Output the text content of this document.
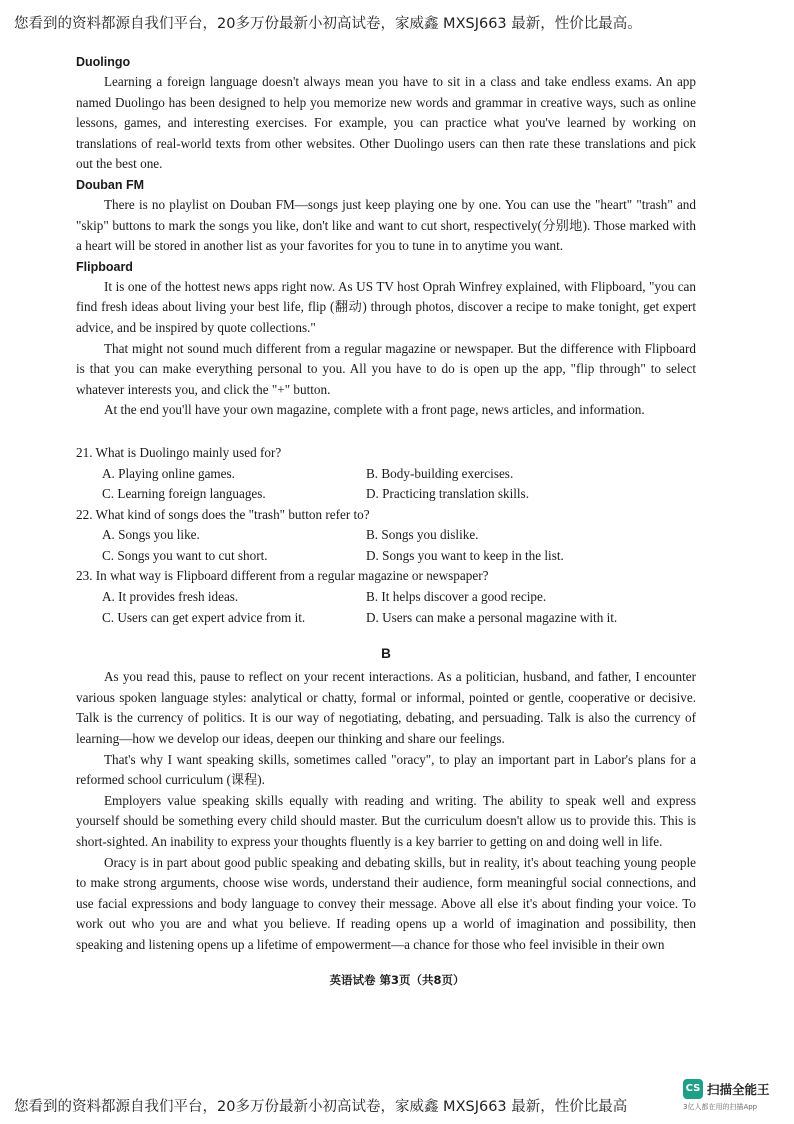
您看到的资料都源自我们平台，20多万份最新小初高试卷，家威鑫 MXSJ663 最新，性价比最高。

Duolingo

Learning a foreign language doesn't always mean you have to sit in a class and take endless exams. An app named Duolingo has been designed to help you memorize new words and grammar in creative ways, such as online lessons, games, and interesting exercises. For example, you can practice what you've learned by working on translations of real-world texts from other websites. Other Duolingo users can then rate these translations and pick out the best one.

Douban FM

There is no playlist on Douban FM—songs just keep playing one by one. You can use the "heart" "trash" and "skip" buttons to mark the songs you like, don't like and want to cut short, respectively(分别地). Those marked with a heart will be stored in another list as your favorites for you to tune in to anytime you want.

Flipboard

It is one of the hottest news apps right now. As US TV host Oprah Winfrey explained, with Flipboard, "you can find fresh ideas about living your best life, flip (翻动) through photos, discover a recipe to make tonight, get expert advice, and be inspired by quote collections."

That might not sound much different from a regular magazine or newspaper. But the difference with Flipboard is that you can make everything personal to you. All you have to do is open up the app, "flip through" to select whatever interests you, and click the "+" button.

At the end you'll have your own magazine, complete with a front page, news articles, and information.

21. What is Duolingo mainly used for?

A. Playing online games.	B. Body-building exercises.
C. Learning foreign languages.	D. Practicing translation skills.

22. What kind of songs does the "trash" button refer to?

A. Songs you like.	B. Songs you dislike.
C. Songs you want to cut short.	D. Songs you want to keep in the list.

23. In what way is Flipboard different from a regular magazine or newspaper?

A. It provides fresh ideas.	B. It helps discover a good recipe.
C. Users can get expert advice from it.	D. Users can make a personal magazine with it.
B

As you read this, pause to reflect on your recent interactions. As a politician, husband, and father, I encounter various spoken language styles: analytical or chatty, formal or informal, pointed or gentle, cooperative or decisive. Talk is the currency of politics. It is our way of negotiating, debating, and persuading. Talk is also the currency of learning—how we develop our ideas, deepen our thinking and share our feelings.

That's why I want speaking skills, sometimes called "oracy", to play an important part in Labor's plans for a reformed school curriculum (课程).

Employers value speaking skills equally with reading and writing. The ability to speak well and express yourself should be something every child should master. But the curriculum doesn't allow us to provide this. This is short-sighted. An inability to express your thoughts fluently is a key barrier to getting on and doing well in life.

Oracy is in part about good public speaking and debating skills, but in reality, it's about teaching young people to make strong arguments, choose wise words, understand their audience, form meaningful social connections, and use facial expressions and body language to convey their message. Above all else it's about finding your voice. To work out who you are and what you believe. If reading opens up a world of imagination and possibility, then speaking and listening opens up a lifetime of empowerment—a chance for those who feel invisible in their own

英语试卷 第3页（共8页）
您看到的资料都源自我们平台，20多万份最新小初高试卷，家威鑫 MXSJ663 最新，性价比最高
CS 扫描全能王
3亿人都在用的扫描App
